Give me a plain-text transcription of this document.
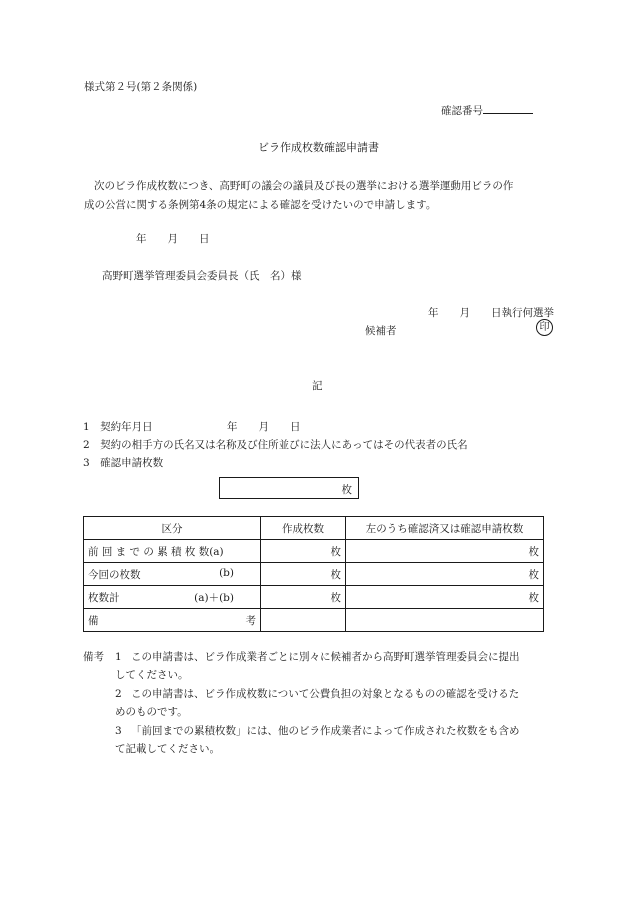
様式第２号(第２条関係)
確認番号
ビラ作成枚数確認申請書
次のビラ作成枚数につき、高野町の議会の議員及び長の選挙における選挙運動用ビラの作
成の公営に関する条例第4条の規定による確認を受けたいので申請します。
年　　月　　日
高野町選挙管理委員会委員長（氏　名）様
年　　月　　日執行何選挙
候補者	印
記
1　契約年月日	年　　月　　日
2　契約の相手方の氏名又は名称及び住所並びに法人にあってはその代表者の氏名
3　確認申請枚数
枚
区分	作成枚数	左のうち確認済又は確認申請枚数
前 回 ま で の 累 積 枚 数(a)	枚	枚
今回の枚数 (b)	枚	枚
枚数計 (a)＋(b)	枚	枚
備 考		

備考 1 この申請書は、ビラ作成業者ごとに別々に候補者から高野町選挙管理委員会に提出
してください。
2 この申請書は、ビラ作成枚数について公費負担の対象となるものの確認を受けるた
めのものです。
3 「前回までの累積枚数」には、他のビラ作成業者によって作成された枚数をも含め
て記載してください。
